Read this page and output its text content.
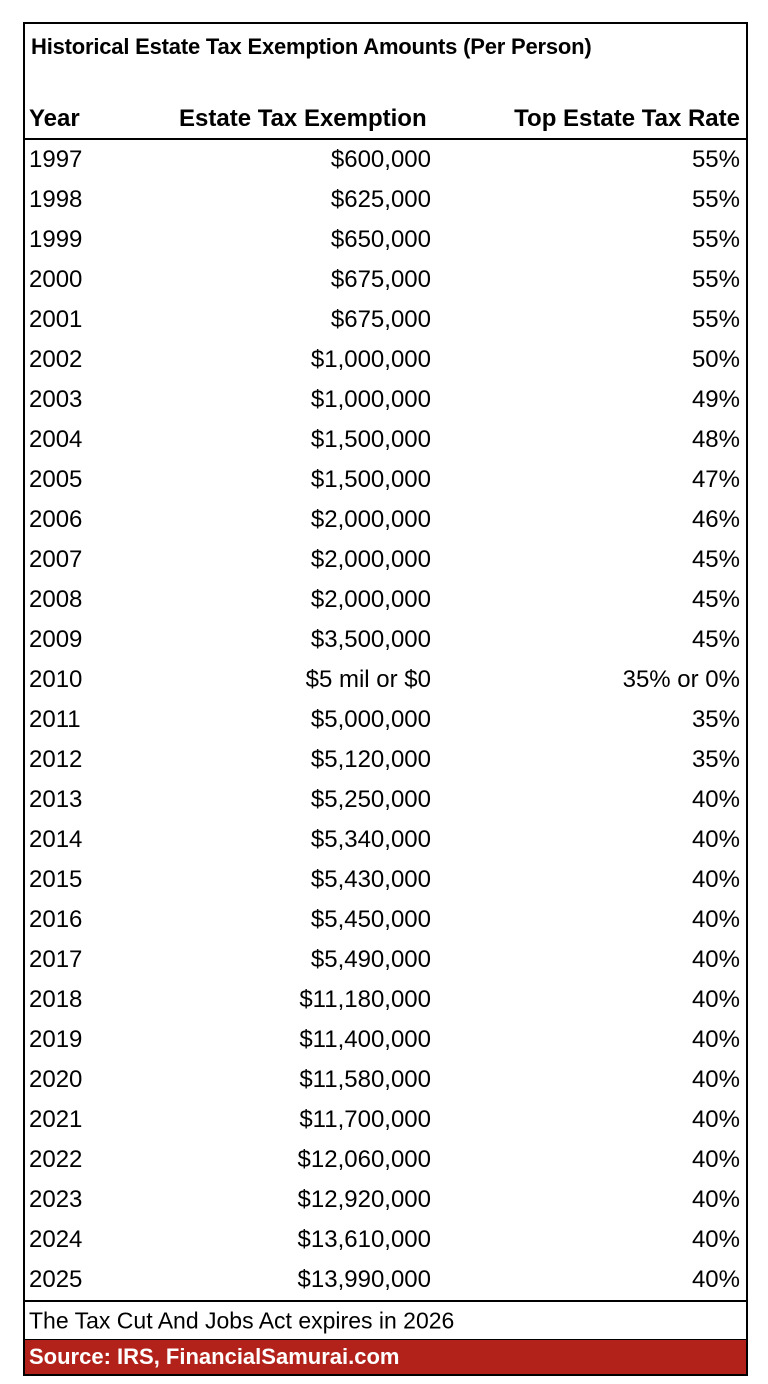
Historical Estate Tax Exemption Amounts (Per Person)
Year	Estate Tax Exemption	Top Estate Tax Rate
1997	$600,000	55%
1998	$625,000	55%
1999	$650,000	55%
2000	$675,000	55%
2001	$675,000	55%
2002	$1,000,000	50%
2003	$1,000,000	49%
2004	$1,500,000	48%
2005	$1,500,000	47%
2006	$2,000,000	46%
2007	$2,000,000	45%
2008	$2,000,000	45%
2009	$3,500,000	45%
2010	$5 mil or $0	35% or 0%
2011	$5,000,000	35%
2012	$5,120,000	35%
2013	$5,250,000	40%
2014	$5,340,000	40%
2015	$5,430,000	40%
2016	$5,450,000	40%
2017	$5,490,000	40%
2018	$11,180,000	40%
2019	$11,400,000	40%
2020	$11,580,000	40%
2021	$11,700,000	40%
2022	$12,060,000	40%
2023	$12,920,000	40%
2024	$13,610,000	40%
2025	$13,990,000	40%
The Tax Cut And Jobs Act expires in 2026
Source: IRS, FinancialSamurai.com
